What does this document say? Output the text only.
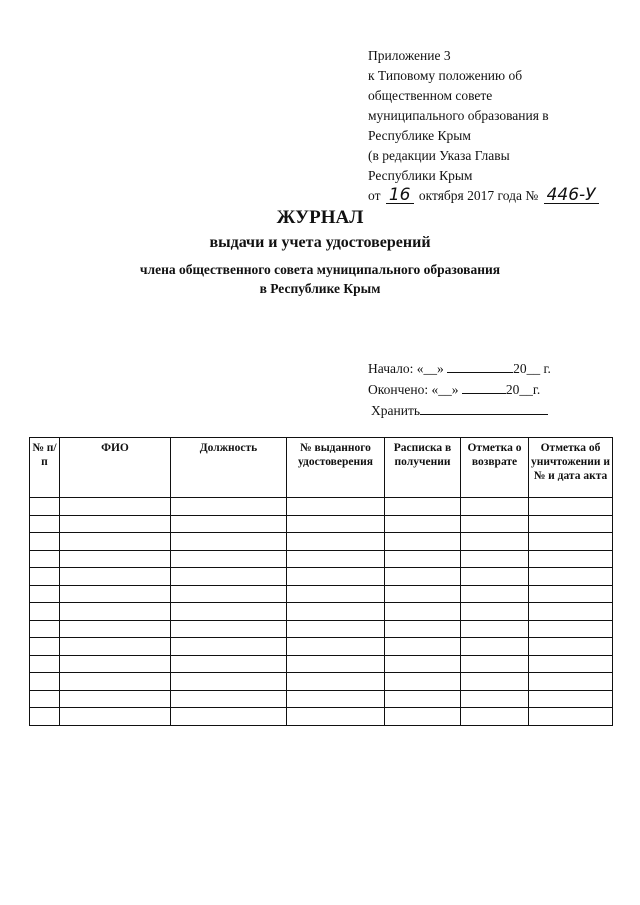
Приложение 3
к Типовому положению об
общественном совете
муниципального образования в
Республике Крым
(в редакции Указа Главы
Республики Крым
от 16 октября 2017 года № 446-У
ЖУРНАЛ
выдачи и учета удостоверений
члена общественного совета муниципального образования
в Республике Крым
Начало: «__»	20__ г.
Окончено: «__»	20__г.
Хранить
№ п/п	ФИО	Должность	№ выданного удостоверения	Расписка в получении	Отметка о возврате	Отметка об уничтожении и № и дата акта
